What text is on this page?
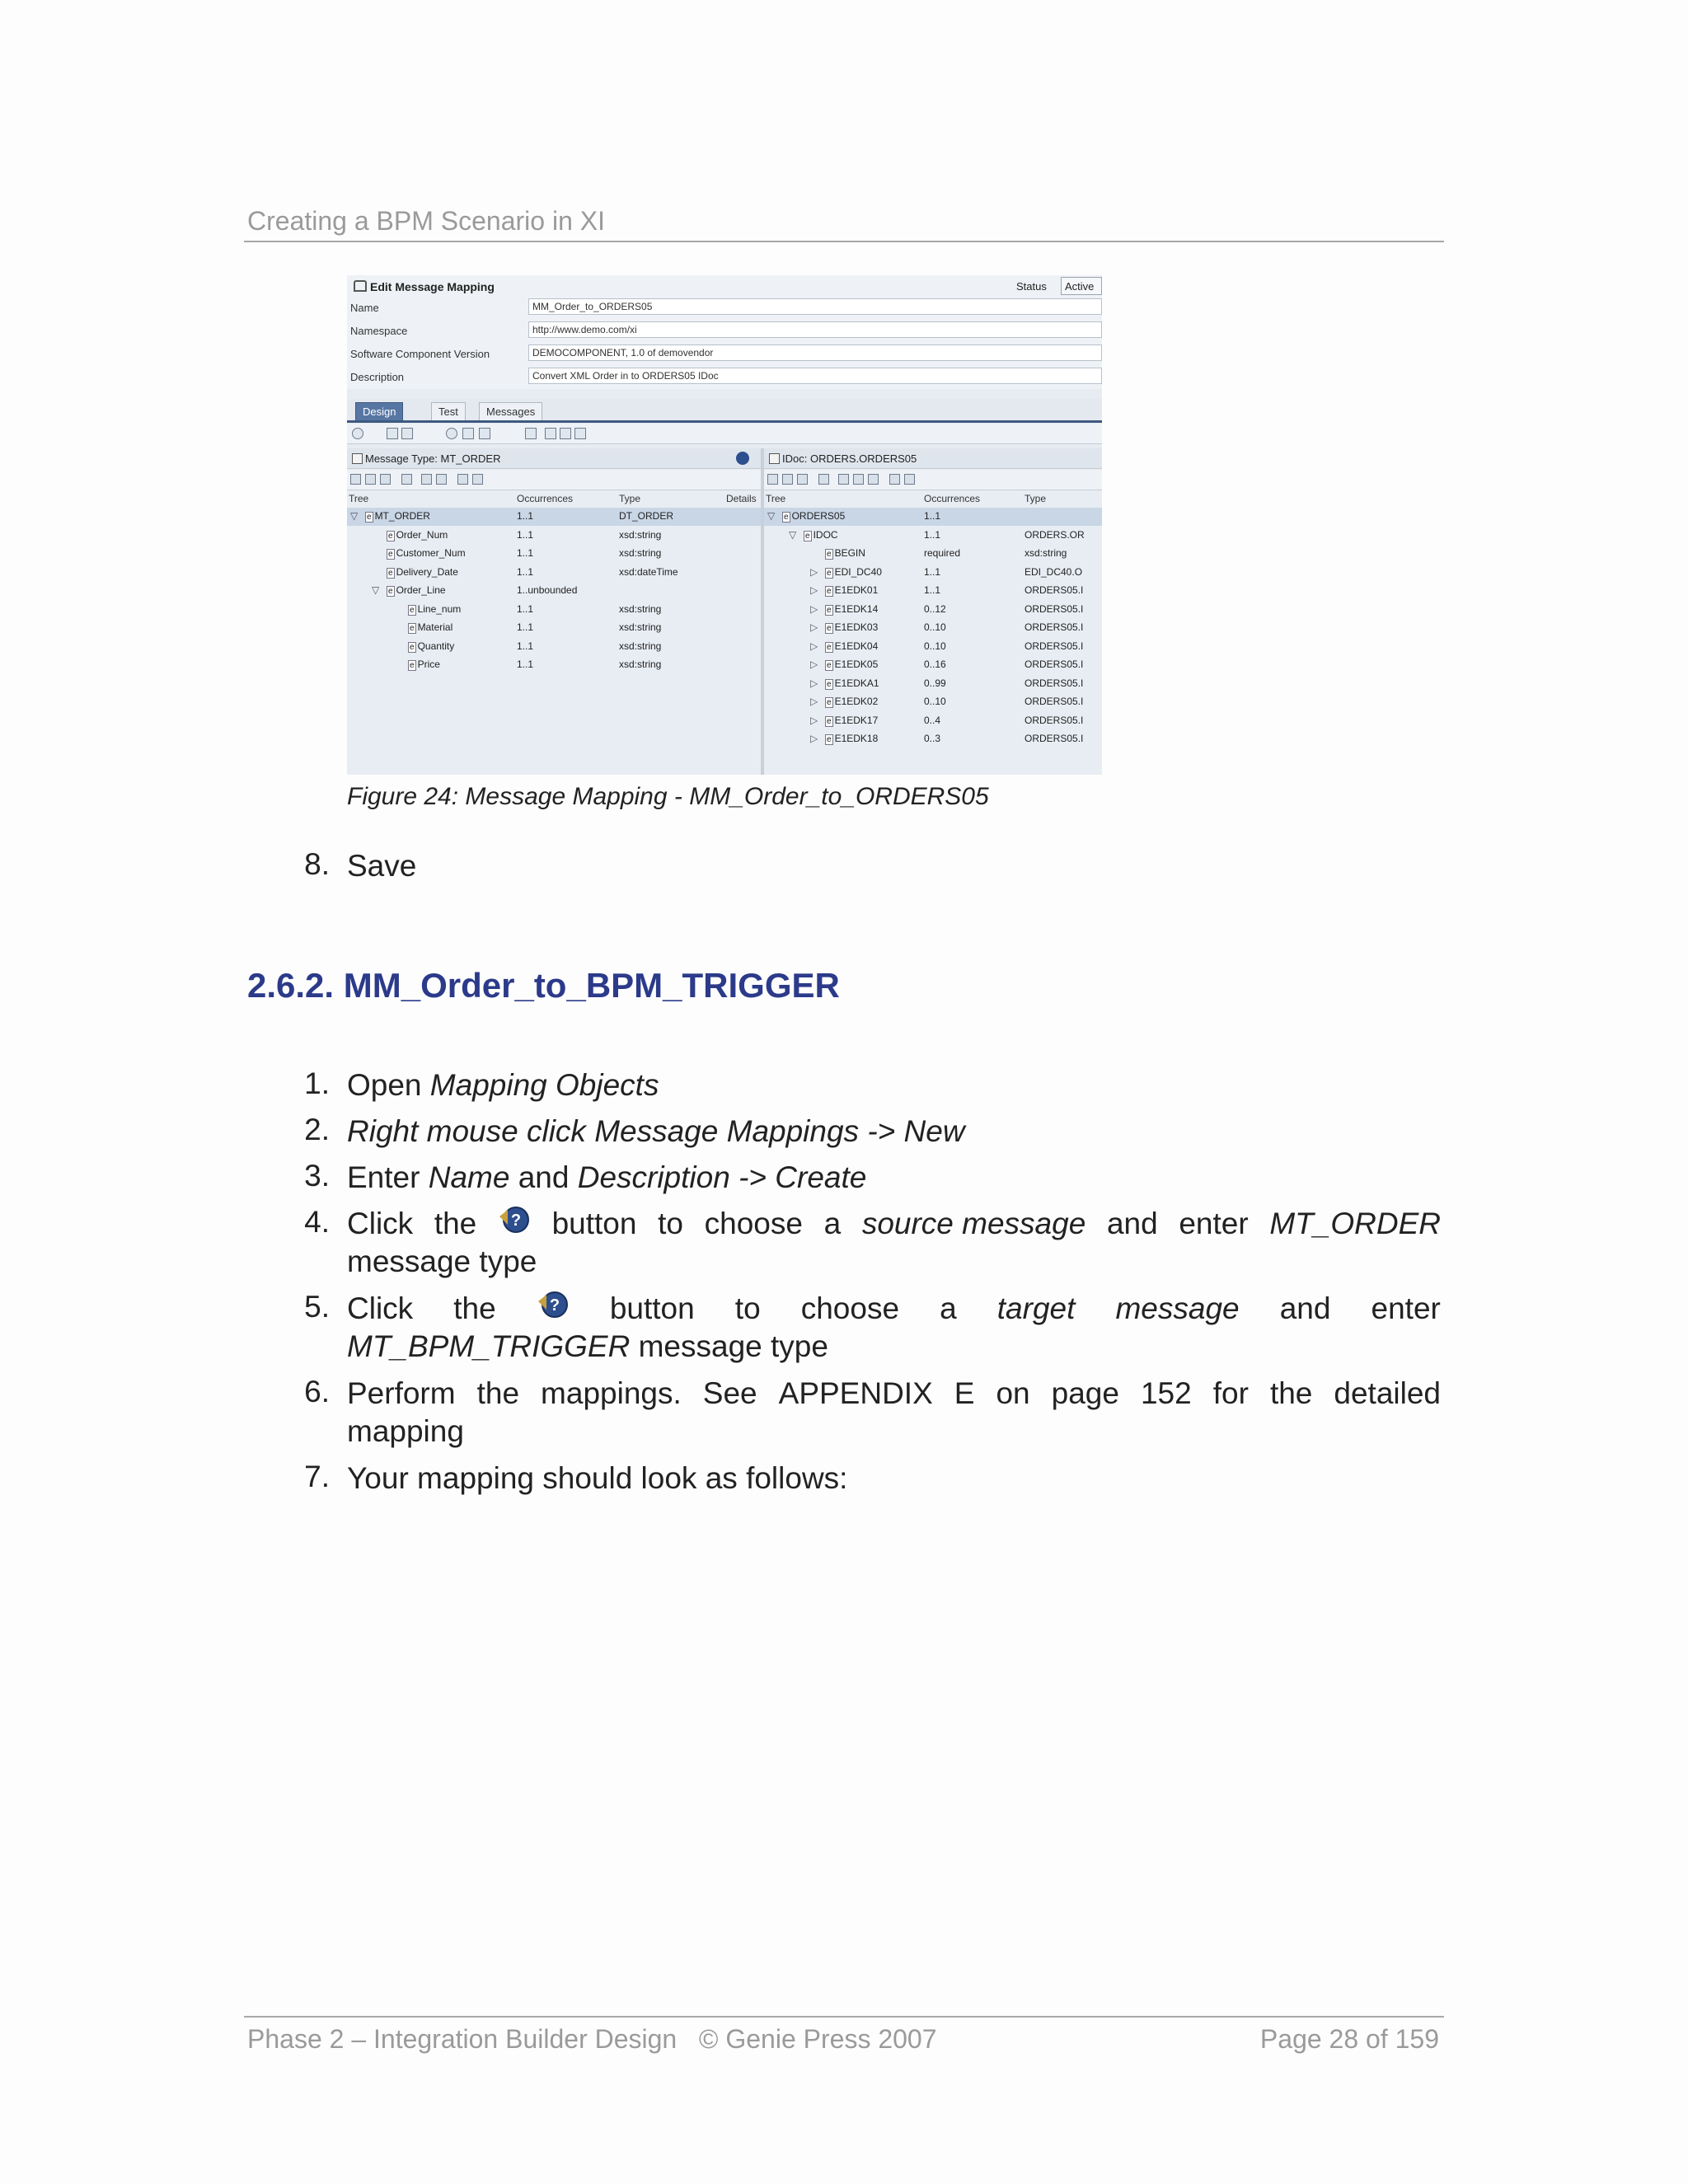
Creating a BPM Scenario in XI
Edit Message Mapping	Status	Active
Name	MM_Order_to_ORDERS05
Namespace	http://www.demo.com/xi
Software Component Version	DEMOCOMPONENT, 1.0 of demovendor
Description	Convert XML Order in to ORDERS05 IDoc
Design	Test	Messages
Message Type: MT_ORDER
Tree	Occurrences	Type	Details
▽ e MT_ORDER	1..1	DT_ORDER
e Order_Num	1..1	xsd:string
e Customer_Num	1..1	xsd:string
e Delivery_Date	1..1	xsd:dateTime
▽ e Order_Line	1..unbounded
e Line_num	1..1	xsd:string
e Material	1..1	xsd:string
e Quantity	1..1	xsd:string
e Price	1..1	xsd:string
IDoc: ORDERS.ORDERS05
Tree	Occurrences	Type
▽ e ORDERS05	1..1
▽ e IDOC	1..1	ORDERS.OR
e BEGIN	required	xsd:string
▷ e EDI_DC40	1..1	EDI_DC40.O
▷ e E1EDK01	1..1	ORDERS05.I
▷ e E1EDK14	0..12	ORDERS05.I
▷ e E1EDK03	0..10	ORDERS05.I
▷ e E1EDK04	0..10	ORDERS05.I
▷ e E1EDK05	0..16	ORDERS05.I
▷ e E1EDKA1	0..99	ORDERS05.I
▷ e E1EDK02	0..10	ORDERS05.I
▷ e E1EDK17	0..4	ORDERS05.I
▷ e E1EDK18	0..3	ORDERS05.I
Figure 24: Message Mapping - MM_Order_to_ORDERS05
8. Save
2.6.2. MM_Order_to_BPM_TRIGGER
1. Open Mapping Objects
2. Right mouse click Message Mappings -> New
3. Enter Name and Description -> Create
4. Click the ? button to choose a source message and enter MT_ORDER
message type
5. Click the	? button to choose a target message and enter
MT_BPM_TRIGGER message type
6. Perform the mappings. See APPENDIX E on page 152 for the detailed
mapping
7. Your mapping should look as follows:
Phase 2 – Integration Builder Design   © Genie Press 2007	Page 28 of 159
